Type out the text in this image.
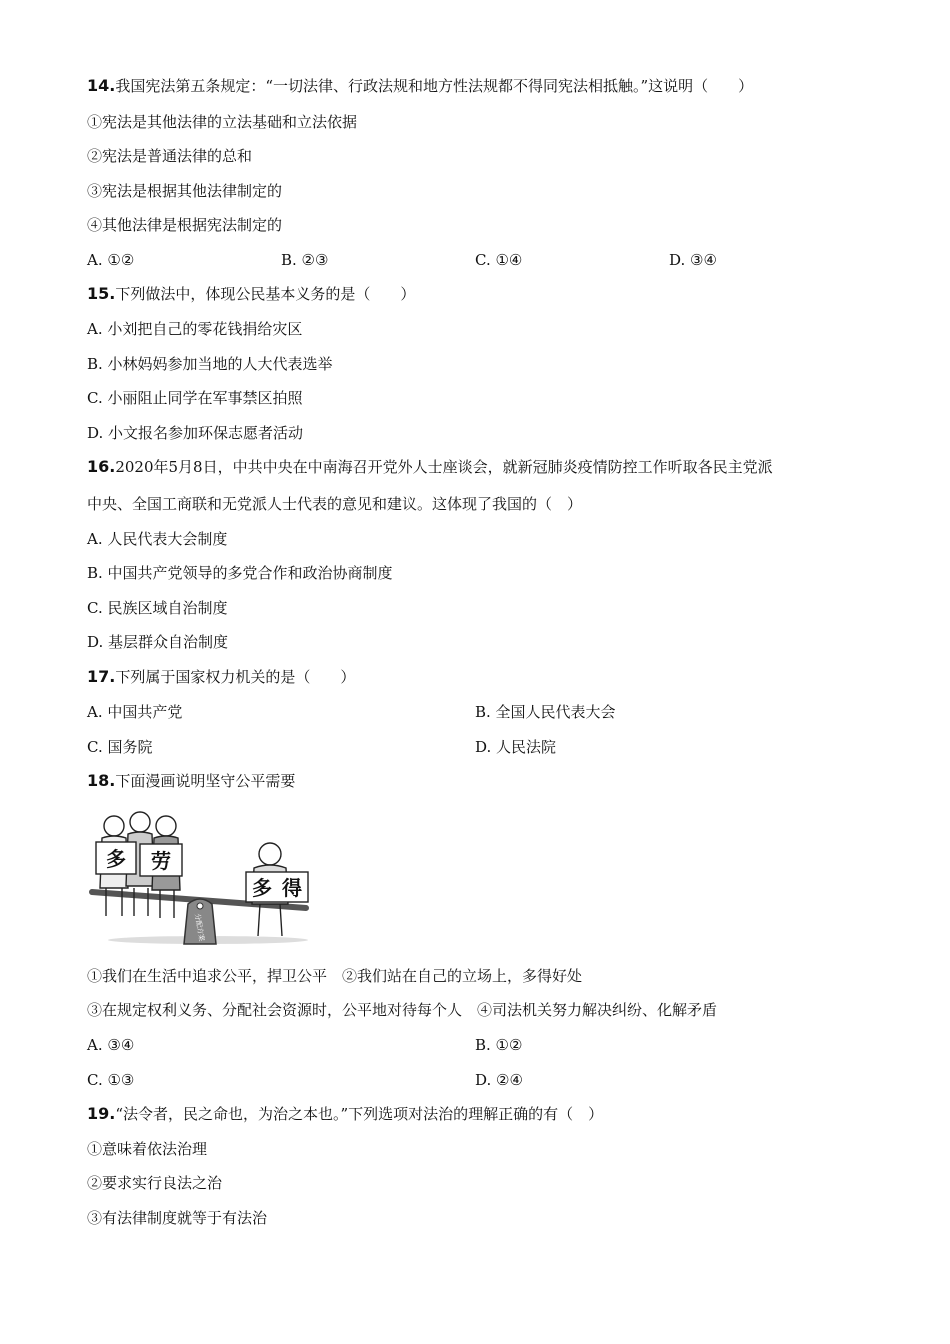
14.我国宪法第五条规定：“一切法律、行政法规和地方性法规都不得同宪法相抵触。”这说明（　　）
①宪法是其他法律的立法基础和立法依据
②宪法是普通法律的总和
③宪法是根据其他法律制定的
④其他法律是根据宪法制定的
A. ①②	B. ②③	C. ①④	D. ③④
15.下列做法中，体现公民基本义务的是（　　）
A. 小刘把自己的零花钱捐给灾区
B. 小林妈妈参加当地的人大代表选举
C. 小丽阻止同学在军事禁区拍照
D. 小文报名参加环保志愿者活动
16.2020年5月8日，中共中央在中南海召开党外人士座谈会，就新冠肺炎疫情防控工作听取各民主党派
中央、全国工商联和无党派人士代表的意见和建议。这体现了我国的（　）
A. 人民代表大会制度
B. 中国共产党领导的多党合作和政治协商制度
C. 民族区域自治制度
D. 基层群众自治制度
17.下列属于国家权力机关的是（　　）
A. 中国共产党	B. 全国人民代表大会
C. 国务院	D. 人民法院
18.下面漫画说明坚守公平需要
分配方案
多 劳
多 得
①我们在生活中追求公平，捍卫公平　②我们站在自己的立场上，多得好处
③在规定权利义务、分配社会资源时，公平地对待每个人　④司法机关努力解决纠纷、化解矛盾
A. ③④	B. ①②
C. ①③	D. ②④
19.“法令者，民之命也，为治之本也。”下列选项对法治的理解正确的有（　）
①意味着依法治理
②要求实行良法之治
③有法律制度就等于有法治
